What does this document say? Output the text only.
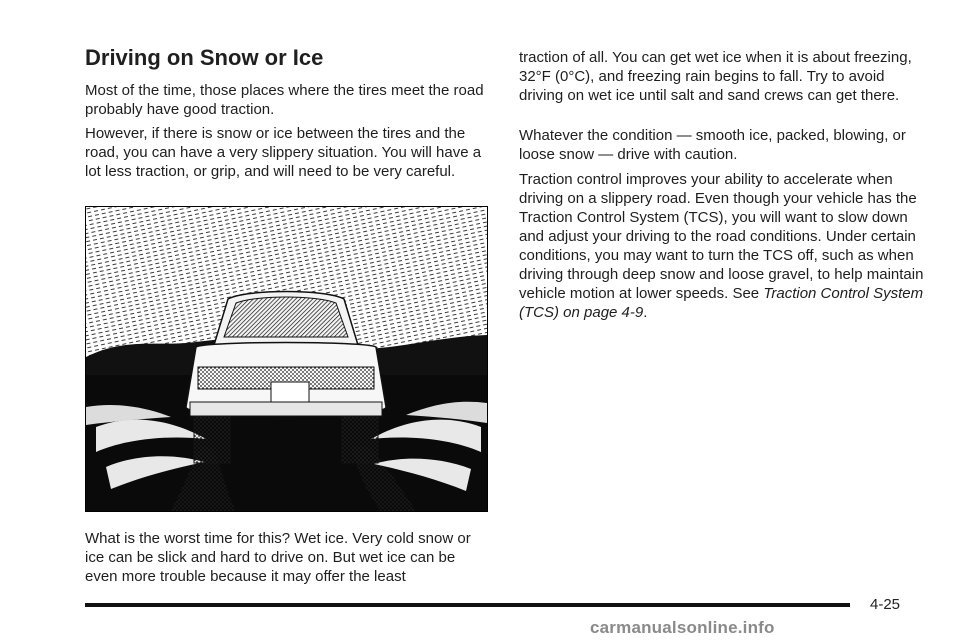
Driving on Snow or Ice

Most of the time, those places where the tires meet the road probably have good traction.

However, if there is snow or ice between the tires and the road, you can have a very slippery situation. You will have a lot less traction, or grip, and will need to be very careful.

What is the worst time for this? Wet ice. Very cold snow or ice can be slick and hard to drive on. But wet ice can be even more trouble because it may offer the least

traction of all. You can get wet ice when it is about freezing, 32°F (0°C), and freezing rain begins to fall. Try to avoid driving on wet ice until salt and sand crews can get there.

Whatever the condition — smooth ice, packed, blowing, or loose snow — drive with caution.

Traction control improves your ability to accelerate when driving on a slippery road. Even though your vehicle has the Traction Control System (TCS), you will want to slow down and adjust your driving to the road conditions. Under certain conditions, you may want to turn the TCS off, such as when driving through deep snow and loose gravel, to help maintain vehicle motion at lower speeds. See Traction Control System (TCS) on page 4-9.

4-25
carmanualsonline.info
